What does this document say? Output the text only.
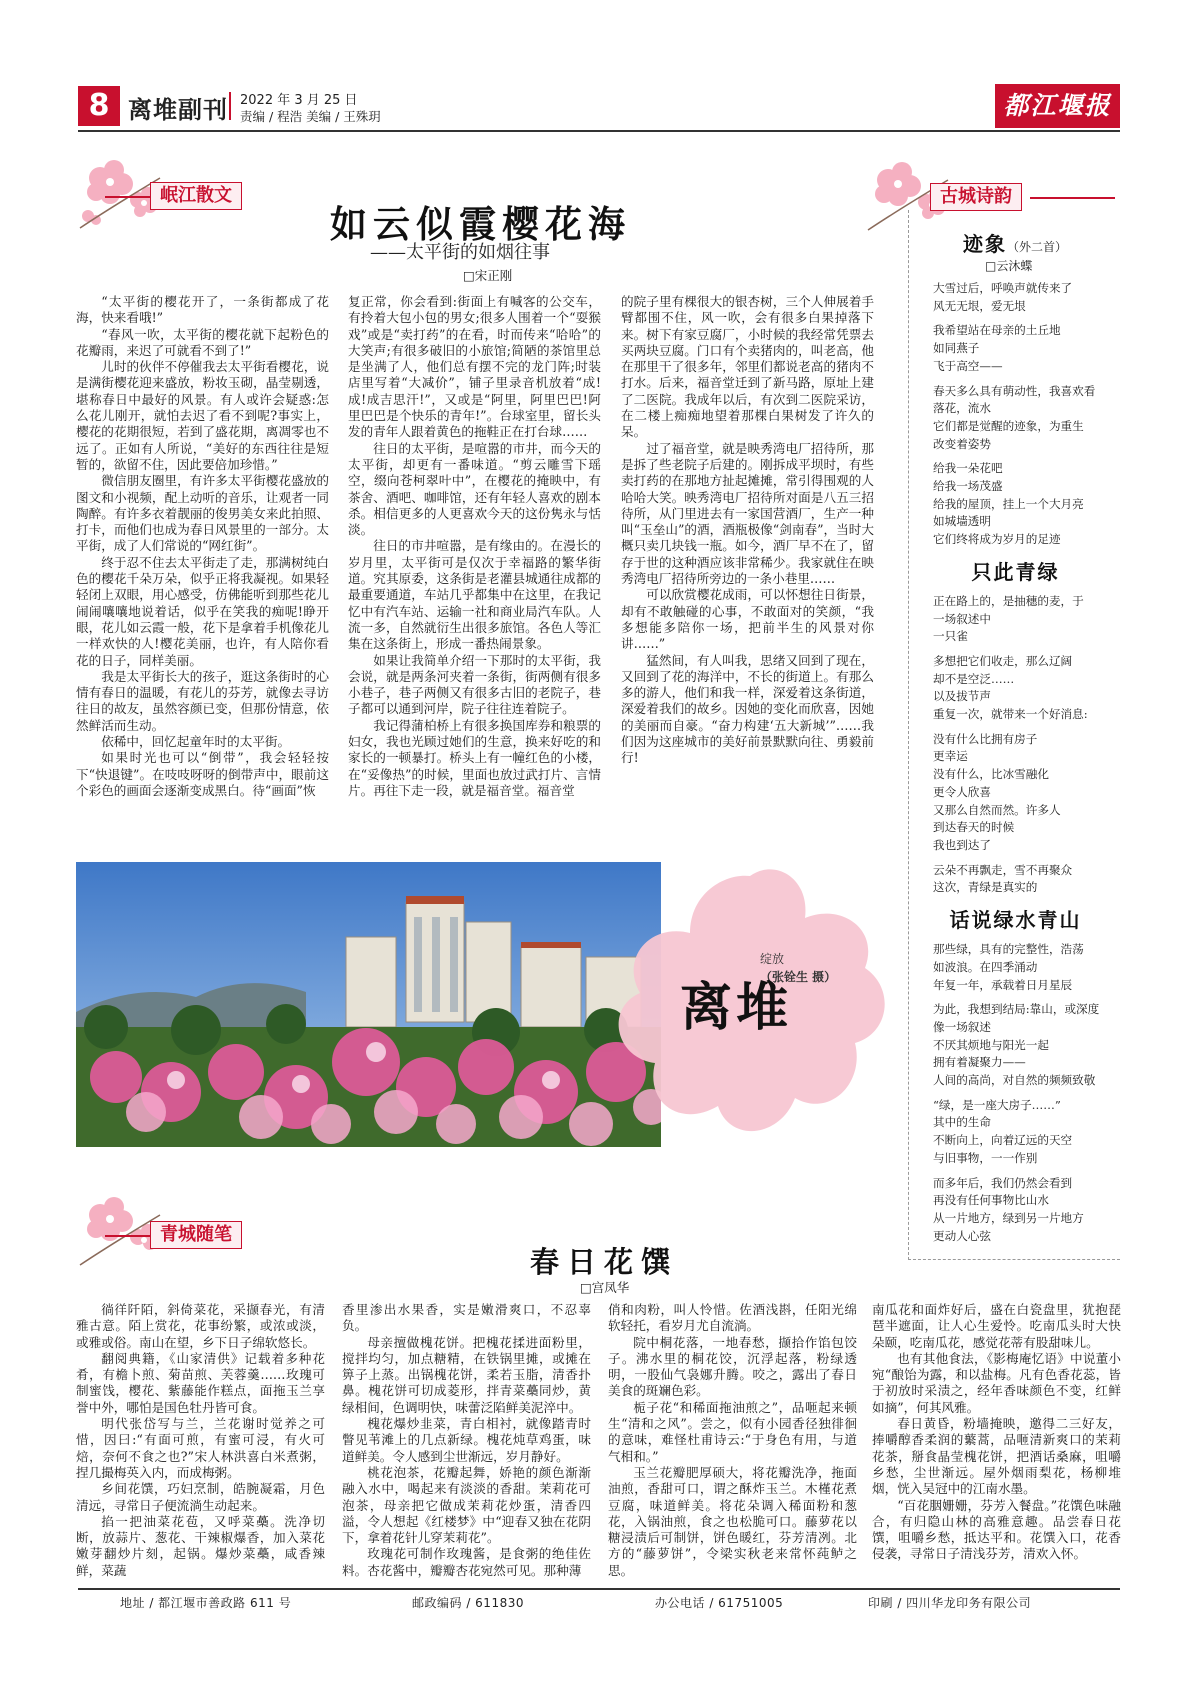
8 离堆副刊 2022 年 3 月 25 日
责编 / 程浩 美编 / 王殊玥	都江堰报
岷江散文
如云似霞樱花海
——太平街的如烟往事
□宋正刚

“太平街的樱花开了，一条街都成了花海，快来看哦!”

“春风一吹，太平街的樱花就下起粉色的花瓣雨，来迟了可就看不到了!”

儿时的伙伴不停催我去太平街看樱花，说是满街樱花迎来盛放，粉妆玉砌，晶莹剔透，堪称春日中最好的风景。有人或许会疑惑:怎么花儿刚开，就怕去迟了看不到呢?事实上，樱花的花期很短，若到了盛花期，离凋零也不远了。正如有人所说，“美好的东西往往是短暂的，欲留不住，因此要倍加珍惜。”

微信朋友圈里，有许多太平街樱花盛放的图文和小视频，配上动听的音乐，让观者一同陶醉。有许多衣着靓丽的俊男美女来此拍照、打卡，而他们也成为春日风景里的一部分。太平街，成了人们常说的“网红街”。

终于忍不住去太平街走了走，那满树纯白色的樱花千朵万朵，似乎正将我凝视。如果轻轻闭上双眼，用心感受，仿佛能听到那些花儿闹闹嚷嚷地说着话，似乎在笑我的痴呢!睁开眼，花儿如云霞一般，花下是拿着手机像花儿一样欢快的人!樱花美丽，也许，有人陪你看花的日子，同样美丽。

我是太平街长大的孩子，逛这条街时的心情有春日的温暖，有花儿的芬芳，就像去寻访往日的故友，虽然容颜已变，但那份情意，依然鲜活而生动。

依稀中，回忆起童年时的太平街。

如果时光也可以“倒带”，我会轻轻按下“快退键”。在吱吱呀呀的倒带声中，眼前这个彩色的画面会逐渐变成黑白。待“画面”恢

复正常，你会看到:街面上有喊客的公交车，有拎着大包小包的男女;很多人围着一个“耍猴戏”或是“卖打药”的在看，时而传来“哈哈”的大笑声;有很多破旧的小旅馆;简陋的茶馆里总是坐满了人，他们总有摆不完的龙门阵;时装店里写着“大减价”，铺子里录音机放着“成!成!成吉思汗!”，又或是“阿里，阿里巴巴!阿里巴巴是个快乐的青年!”。台球室里，留长头发的青年人跟着黄色的拖鞋正在打台球……

往日的太平街，是喧嚣的市井，而今天的太平街，却更有一番味道。“剪云雕雪下瑶空，缀向苍柯翠叶中”，在樱花的掩映中，有茶舍、酒吧、咖啡馆，还有年轻人喜欢的剧本杀。相信更多的人更喜欢今天的这份隽永与恬淡。

往日的市井喧嚣，是有缘由的。在漫长的岁月里，太平街可是仅次于幸福路的繁华街道。究其原委，这条街是老灌县城通往成都的最重要通道，车站几乎都集中在这里，在我记忆中有汽车站、运输一社和商业局汽车队。人流一多，自然就衍生出很多旅馆。各色人等汇集在这条街上，形成一番热闹景象。

如果让我简单介绍一下那时的太平街，我会说，就是两条河夹着一条街，街两侧有很多小巷子，巷子两侧又有很多古旧的老院子，巷子都可以通到河岸，院子往往连着院子。

我记得蒲柏桥上有很多换国库券和粮票的妇女，我也光顾过她们的生意，换来好吃的和家长的一顿暴打。桥头上有一幢红色的小楼，在“妥像热”的时候，里面也放过武打片、言情片。再往下走一段，就是福音堂。福音堂

的院子里有棵很大的银杏树，三个人伸展着手臂都围不住，风一吹，会有很多白果掉落下来。树下有家豆腐厂，小时候的我经常凭票去买两块豆腐。门口有个卖猪肉的，叫老高，他在那里干了很多年，邻里们都说老高的猪肉不打水。后来，福音堂迁到了新马路，原址上建了二医院。我成年以后，有次到二医院采访，在二楼上痴痴地望着那棵白果树发了许久的呆。

过了福音堂，就是映秀湾电厂招待所，那是拆了些老院子后建的。刚拆成平坝时，有些卖打药的在那地方扯起摊摊，常引得围观的人哈哈大笑。映秀湾电厂招待所对面是八五三招待所，从门里进去有一家国营酒厂，生产一种叫“玉垒山”的酒，酒瓶极像“剑南春”，当时大概只卖几块钱一瓶。如今，酒厂早不在了，留存于世的这种酒应该非常稀少。我家就住在映秀湾电厂招待所旁边的一条小巷里……

可以欣赏樱花成雨，可以怀想往日街景，却有不敢触碰的心事，不敢面对的笑颜，“我多想能多陪你一场，把前半生的风景对你讲……”

猛然间，有人叫我，思绪又回到了现在，又回到了花的海洋中，不长的街道上。有那么多的游人，他们和我一样，深爱着这条街道，深爱着我们的故乡。因她的变化而欣喜，因她的美丽而自豪。“奋力构建‘五大新城’”……我们因为这座城市的美好前景默默向往、勇毅前行!

绽放
（张铨生 摄）
离堆
古城诗韵
迹象（外二首）
□云沐蝶
大雪过后，呼唤声就传来了
风无无垠，爱无垠
我希望站在母亲的土丘地
如同燕子
飞于高空——
春天多么具有萌动性，我喜欢看
落花，流水
它们都是觉醒的迹象，为重生
改变着姿势
给我一朵花吧
给我一场茂盛
给我的屋顶，挂上一个大月亮
如城墙透明
它们终将成为岁月的足迹
只此青绿
正在路上的，是抽穗的麦，于
一场叙述中
一只雀
多想把它们收走，那么辽阔
却不是空泛……
以及拔节声
重复一次，就带来一个好消息:
没有什么比拥有房子
更幸运
没有什么，比冰雪融化
更令人欣喜
又那么自然而然。许多人
到达春天的时候
我也到达了
云朵不再飘走，雪不再聚众
这次，青绿是真实的
话说绿水青山
那些绿，具有的完整性，浩荡
如波浪。在四季涌动
年复一年，承载着日月星辰
为此，我想到结局:靠山，或深度
像一场叙述
不厌其烦地与阳光一起
拥有着凝聚力——
人间的高尚，对自然的频频致敬
“绿，是一座大房子……”
其中的生命
不断向上，向着辽远的天空
与旧事物，一一作别
而多年后，我们仍然会看到
再没有任何事物比山水
从一片地方，绿到另一片地方
更动人心弦
青城随笔
春日花馔
□宫凤华

徜徉阡陌，斜倚菜花，采撷春光，有清雅古意。陌上赏花，花事纷繁，或浓或淡，或雅或俗。南山在望，乡下日子绵软悠长。

翻阅典籍，《山家清供》记载着多种花肴，有檐卜煎、菊苗煎、芙蓉羹……玫瑰可制蜜饯，樱花、紫藤能作糕点，面拖玉兰享誉中外，哪怕是国色牡丹皆可食。

明代张岱写与兰，兰花谢时觉养之可惜，因曰:“有面可煎，有蜜可浸，有火可焙，奈何不食之也?”宋人林洪喜白米煮粥，捏几撮梅英入内，而成梅粥。

乡间花馔，巧妇烹制，皓腕凝霜，月色清远，寻常日子便流淌生动起来。

掐一把油菜花苞，又呼菜蘽。洗净切断，放蒜片、葱花、干辣椒爆香，加入菜花嫩芽翻炒片刻，起锅。爆炒菜蘽，咸香辣鲜，菜蔬

香里渗出水果香，实是嫩滑爽口，不忍辜负。

母亲擅做槐花饼。把槐花揉进面粉里，搅拌均匀，加点糖精，在铁锅里摊，或摊在箅子上蒸。出锅槐花饼，柔若玉脂，清香扑鼻。槐花饼可切成菱形，拌青菜蘽同炒，黄绿相间，色调明快，味蕾泛陷鲜美泥淬中。

槐花爆炒韭菜，青白相衬，就像踏青时瞥见苇滩上的几点新绿。槐花炖草鸡蛋，味道鲜美。令人感到尘世渐远，岁月静好。

桃花泡茶，花瓣起舞，娇艳的颜色渐渐融入水中，喝起来有淡淡的香甜。茉莉花可泡茶，母亲把它做成茉莉花炒蛋，清香四溢，令人想起《红楼梦》中“迎春又独在花阴下，拿着花针儿穿茉莉花”。

玫瑰花可制作玫瑰酱，是食粥的绝佳佐料。杏花酱中，瓣瓣杏花宛然可见。那种薄

俏和肉粉，叫人怜惜。佐酒浅斟，任阳光绵软轻托，看岁月尤自流淌。

院中桐花落，一地春愁，撷拾作馅包饺子。沸水里的桐花饺，沉浮起落，粉绿透明，一股仙气袅娜升腾。咬之，露出了春日美食的斑斓色彩。

栀子花“和稀面拖油煎之”，品咂起来顿生“清和之风”。尝之，似有小园香径独徘徊的意味，难怪杜甫诗云:“于身色有用，与道气相和。”

玉兰花瓣肥厚硕大，将花瓣洗净，拖面油煎，香甜可口，谓之酥炸玉兰。木槿花煮豆腐，味道鲜美。将花朵调入稀面粉和葱花，入锅油煎，食之也松脆可口。藤萝花以糖浸渍后可制饼，饼色暖红，芬芳清冽。北方的“藤萝饼”，令梁实秋老来常怀莼鲈之思。

南瓜花和面炸好后，盛在白瓷盘里，犹抱琵琶半遮面，让人心生爱怜。吃南瓜头时大快朵颐，吃南瓜花，感觉花蒂有股甜味儿。

也有其他食法，《影梅庵忆语》中说董小宛“酿饴为露，和以盐梅。凡有色香花蕊，皆于初放时采渍之，经年香味颜色不变，红鲜如摘”，何其风雅。

春日黄昏，粉墙掩映，邀得二三好友，捧嚼醇香柔润的蘩蒿，品咂清新爽口的茉莉花茶，掰食晶莹槐花饼，把酒话桑麻，咀嚼乡愁，尘世渐远。屋外烟雨梨花，杨柳堆烟，恍入吴冠中的江南水墨。

“百花胭姗姗，芬芳入餐盘。”花馔色味融合，有归隐山林的高雅意趣。品尝春日花馔，咀嚼乡愁，抵达平和。花馔入口，花香侵袭，寻常日子清浅芬芳，清欢入怀。

地址 / 都江堰市善政路 611 号	邮政编码 / 611830	办公电话 / 61751005	印刷 / 四川华龙印务有限公司
